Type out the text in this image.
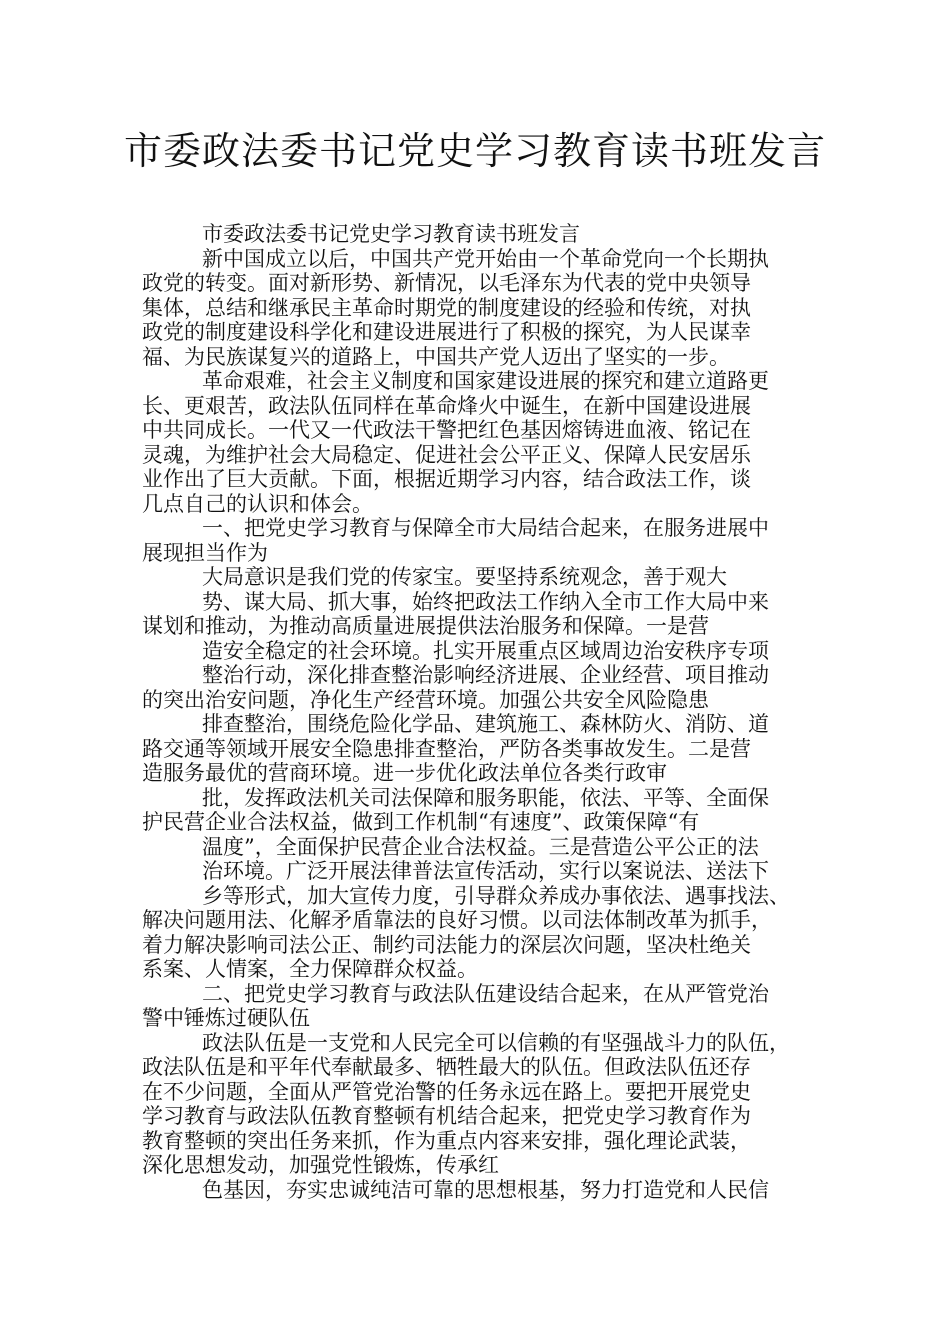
市委政法委书记党史学习教育读书班发言
市委政法委书记党史学习教育读书班发言
新中国成立以后，中国共产党开始由一个革命党向一个长期执
政党的转变。面对新形势、新情况，以毛泽东为代表的党中央领导
集体，总结和继承民主革命时期党的制度建设的经验和传统，对执
政党的制度建设科学化和建设进展进行了积极的探究，为人民谋幸
福、为民族谋复兴的道路上，中国共产党人迈出了坚实的一步。
革命艰难，社会主义制度和国家建设进展的探究和建立道路更
长、更艰苦，政法队伍同样在革命烽火中诞生，在新中国建设进展
中共同成长。一代又一代政法干警把红色基因熔铸进血液、铭记在
灵魂，为维护社会大局稳定、促进社会公平正义、保障人民安居乐
业作出了巨大贡献。下面，根据近期学习内容，结合政法工作，谈
几点自己的认识和体会。
一、把党史学习教育与保障全市大局结合起来，在服务进展中
展现担当作为
大局意识是我们党的传家宝。要坚持系统观念，善于观大
势、谋大局、抓大事，始终把政法工作纳入全市工作大局中来
谋划和推动，为推动高质量进展提供法治服务和保障。一是营
造安全稳定的社会环境。扎实开展重点区域周边治安秩序专项
整治行动，深化排查整治影响经济进展、企业经营、项目推动
的突出治安问题，净化生产经营环境。加强公共安全风险隐患
排查整治，围绕危险化学品、建筑施工、森林防火、消防、道
路交通等领域开展安全隐患排查整治，严防各类事故发生。二是营
造服务最优的营商环境。进一步优化政法单位各类行政审
批，发挥政法机关司法保障和服务职能，依法、平等、全面保
护民营企业合法权益，做到工作机制“有速度”、政策保障“有
温度”，全面保护民营企业合法权益。三是营造公平公正的法
治环境。广泛开展法律普法宣传活动，实行以案说法、送法下
乡等形式，加大宣传力度，引导群众养成办事依法、遇事找法、
解决问题用法、化解矛盾靠法的良好习惯。以司法体制改革为抓手，
着力解决影响司法公正、制约司法能力的深层次问题，坚决杜绝关
系案、人情案，全力保障群众权益。
二、把党史学习教育与政法队伍建设结合起来，在从严管党治
警中锤炼过硬队伍
政法队伍是一支党和人民完全可以信赖的有坚强战斗力的队伍，
政法队伍是和平年代奉献最多、牺牲最大的队伍。但政法队伍还存
在不少问题，全面从严管党治警的任务永远在路上。要把开展党史
学习教育与政法队伍教育整顿有机结合起来，把党史学习教育作为
教育整顿的突出任务来抓，作为重点内容来安排，强化理论武装，
深化思想发动，加强党性锻炼，传承红
色基因，夯实忠诚纯洁可靠的思想根基，努力打造党和人民信
